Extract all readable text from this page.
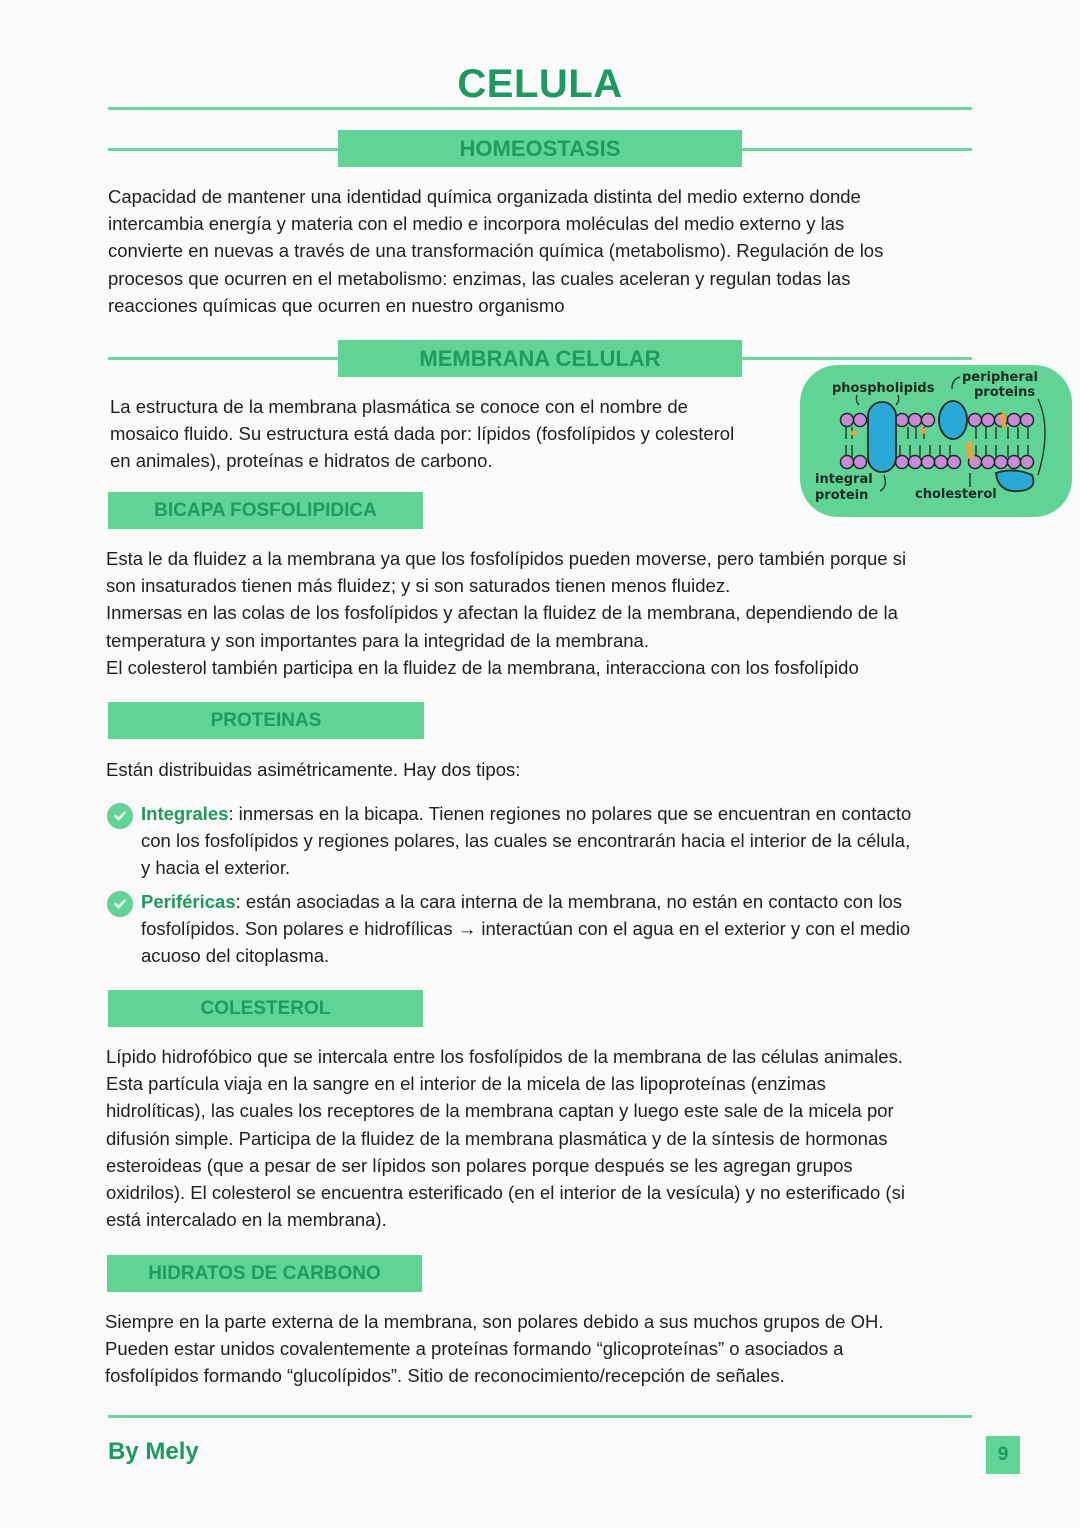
CELULA
HOMEOSTASIS
Capacidad de mantener una identidad química organizada distinta del medio externo donde
intercambia energía y materia con el medio e incorpora moléculas del medio externo y las
convierte en nuevas a través de una transformación química (metabolismo). Regulación de los
procesos que ocurren en el metabolismo: enzimas, las cuales aceleran y regulan todas las
reacciones químicas que ocurren en nuestro organismo
MEMBRANA CELULAR
La estructura de la membrana plasmática se conoce con el nombre de
mosaico fluido. Su estructura está dada por: lípidos (fosfolípidos y colesterol
en animales), proteínas e hidratos de carbono.
phospholipids
peripheral
proteins
integral
protein	cholesterol
BICAPA FOSFOLIPIDICA
Esta le da fluidez a la membrana ya que los fosfolípidos pueden moverse, pero también porque si
son insaturados tienen más fluidez; y si son saturados tienen menos fluidez.
Inmersas en las colas de los fosfolípidos y afectan la fluidez de la membrana, dependiendo de la
temperatura y son importantes para la integridad de la membrana.
El colesterol también participa en la fluidez de la membrana, interacciona con los fosfolípido
PROTEINAS
Están distribuidas asimétricamente. Hay dos tipos:
Integrales: inmersas en la bicapa. Tienen regiones no polares que se encuentran en contacto
con los fosfolípidos y regiones polares, las cuales se encontrarán hacia el interior de la célula,
y hacia el exterior.
Periféricas: están asociadas a la cara interna de la membrana, no están en contacto con los
fosfolípidos. Son polares e hidrofílicas → interactúan con el agua en el exterior y con el medio
acuoso del citoplasma.
COLESTEROL
Lípido hidrofóbico que se intercala entre los fosfolípidos de la membrana de las células animales.
Esta partícula viaja en la sangre en el interior de la micela de las lipoproteínas (enzimas
hidrolíticas), las cuales los receptores de la membrana captan y luego este sale de la micela por
difusión simple. Participa de la fluidez de la membrana plasmática y de la síntesis de hormonas
esteroideas (que a pesar de ser lípidos son polares porque después se les agregan grupos
oxidrilos). El colesterol se encuentra esterificado (en el interior de la vesícula) y no esterificado (si
está intercalado en la membrana).
HIDRATOS DE CARBONO
Siempre en la parte externa de la membrana, son polares debido a sus muchos grupos de OH.
Pueden estar unidos covalentemente a proteínas formando “glicoproteínas” o asociados a
fosfolípidos formando “glucolípidos”. Sitio de reconocimiento/recepción de señales.
By Mely	9
